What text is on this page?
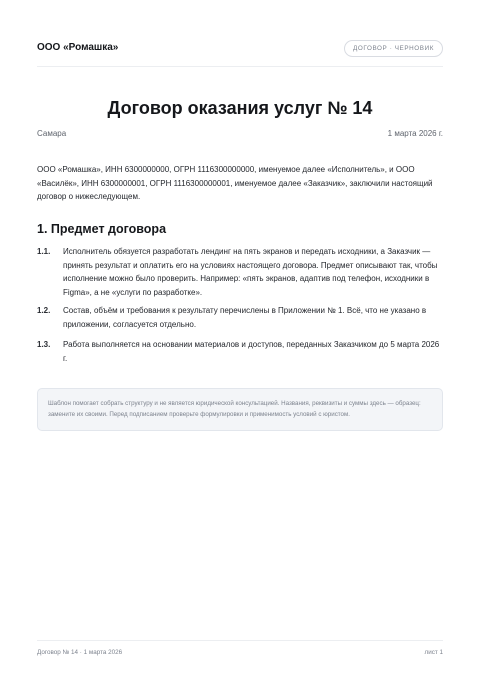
ООО «Ромашка»	ДОГОВОР · ЧЕРНОВИК
Договор оказания услуг № 14
Самара	1 марта 2026 г.
ООО «Ромашка», ИНН 6300000000, ОГРН 1116300000000, именуемое далее «Исполнитель», и ООО «Василёк», ИНН 6300000001, ОГРН 1116300000001, именуемое далее «Заказчик», заключили настоящий договор о нижеследующем.
1. Предмет договора
1.1. Исполнитель обязуется разработать лендинг на пять экранов и передать исходники, а Заказчик — принять результат и оплатить его на условиях настоящего договора. Предмет описывают так, чтобы исполнение можно было проверить. Например: «пять экранов, адаптив под телефон, исходники в Figma», а не «услуги по разработке».
1.2. Состав, объём и требования к результату перечислены в Приложении № 1. Всё, что не указано в приложении, согласуется отдельно.
1.3. Работа выполняется на основании материалов и доступов, переданных Заказчиком до 5 марта 2026 г.
Шаблон помогает собрать структуру и не является юридической консультацией. Названия, реквизиты и суммы здесь — образец: замените их своими. Перед подписанием проверьте формулировки и применимость условий с юристом.
Договор № 14 · 1 марта 2026	лист 1
